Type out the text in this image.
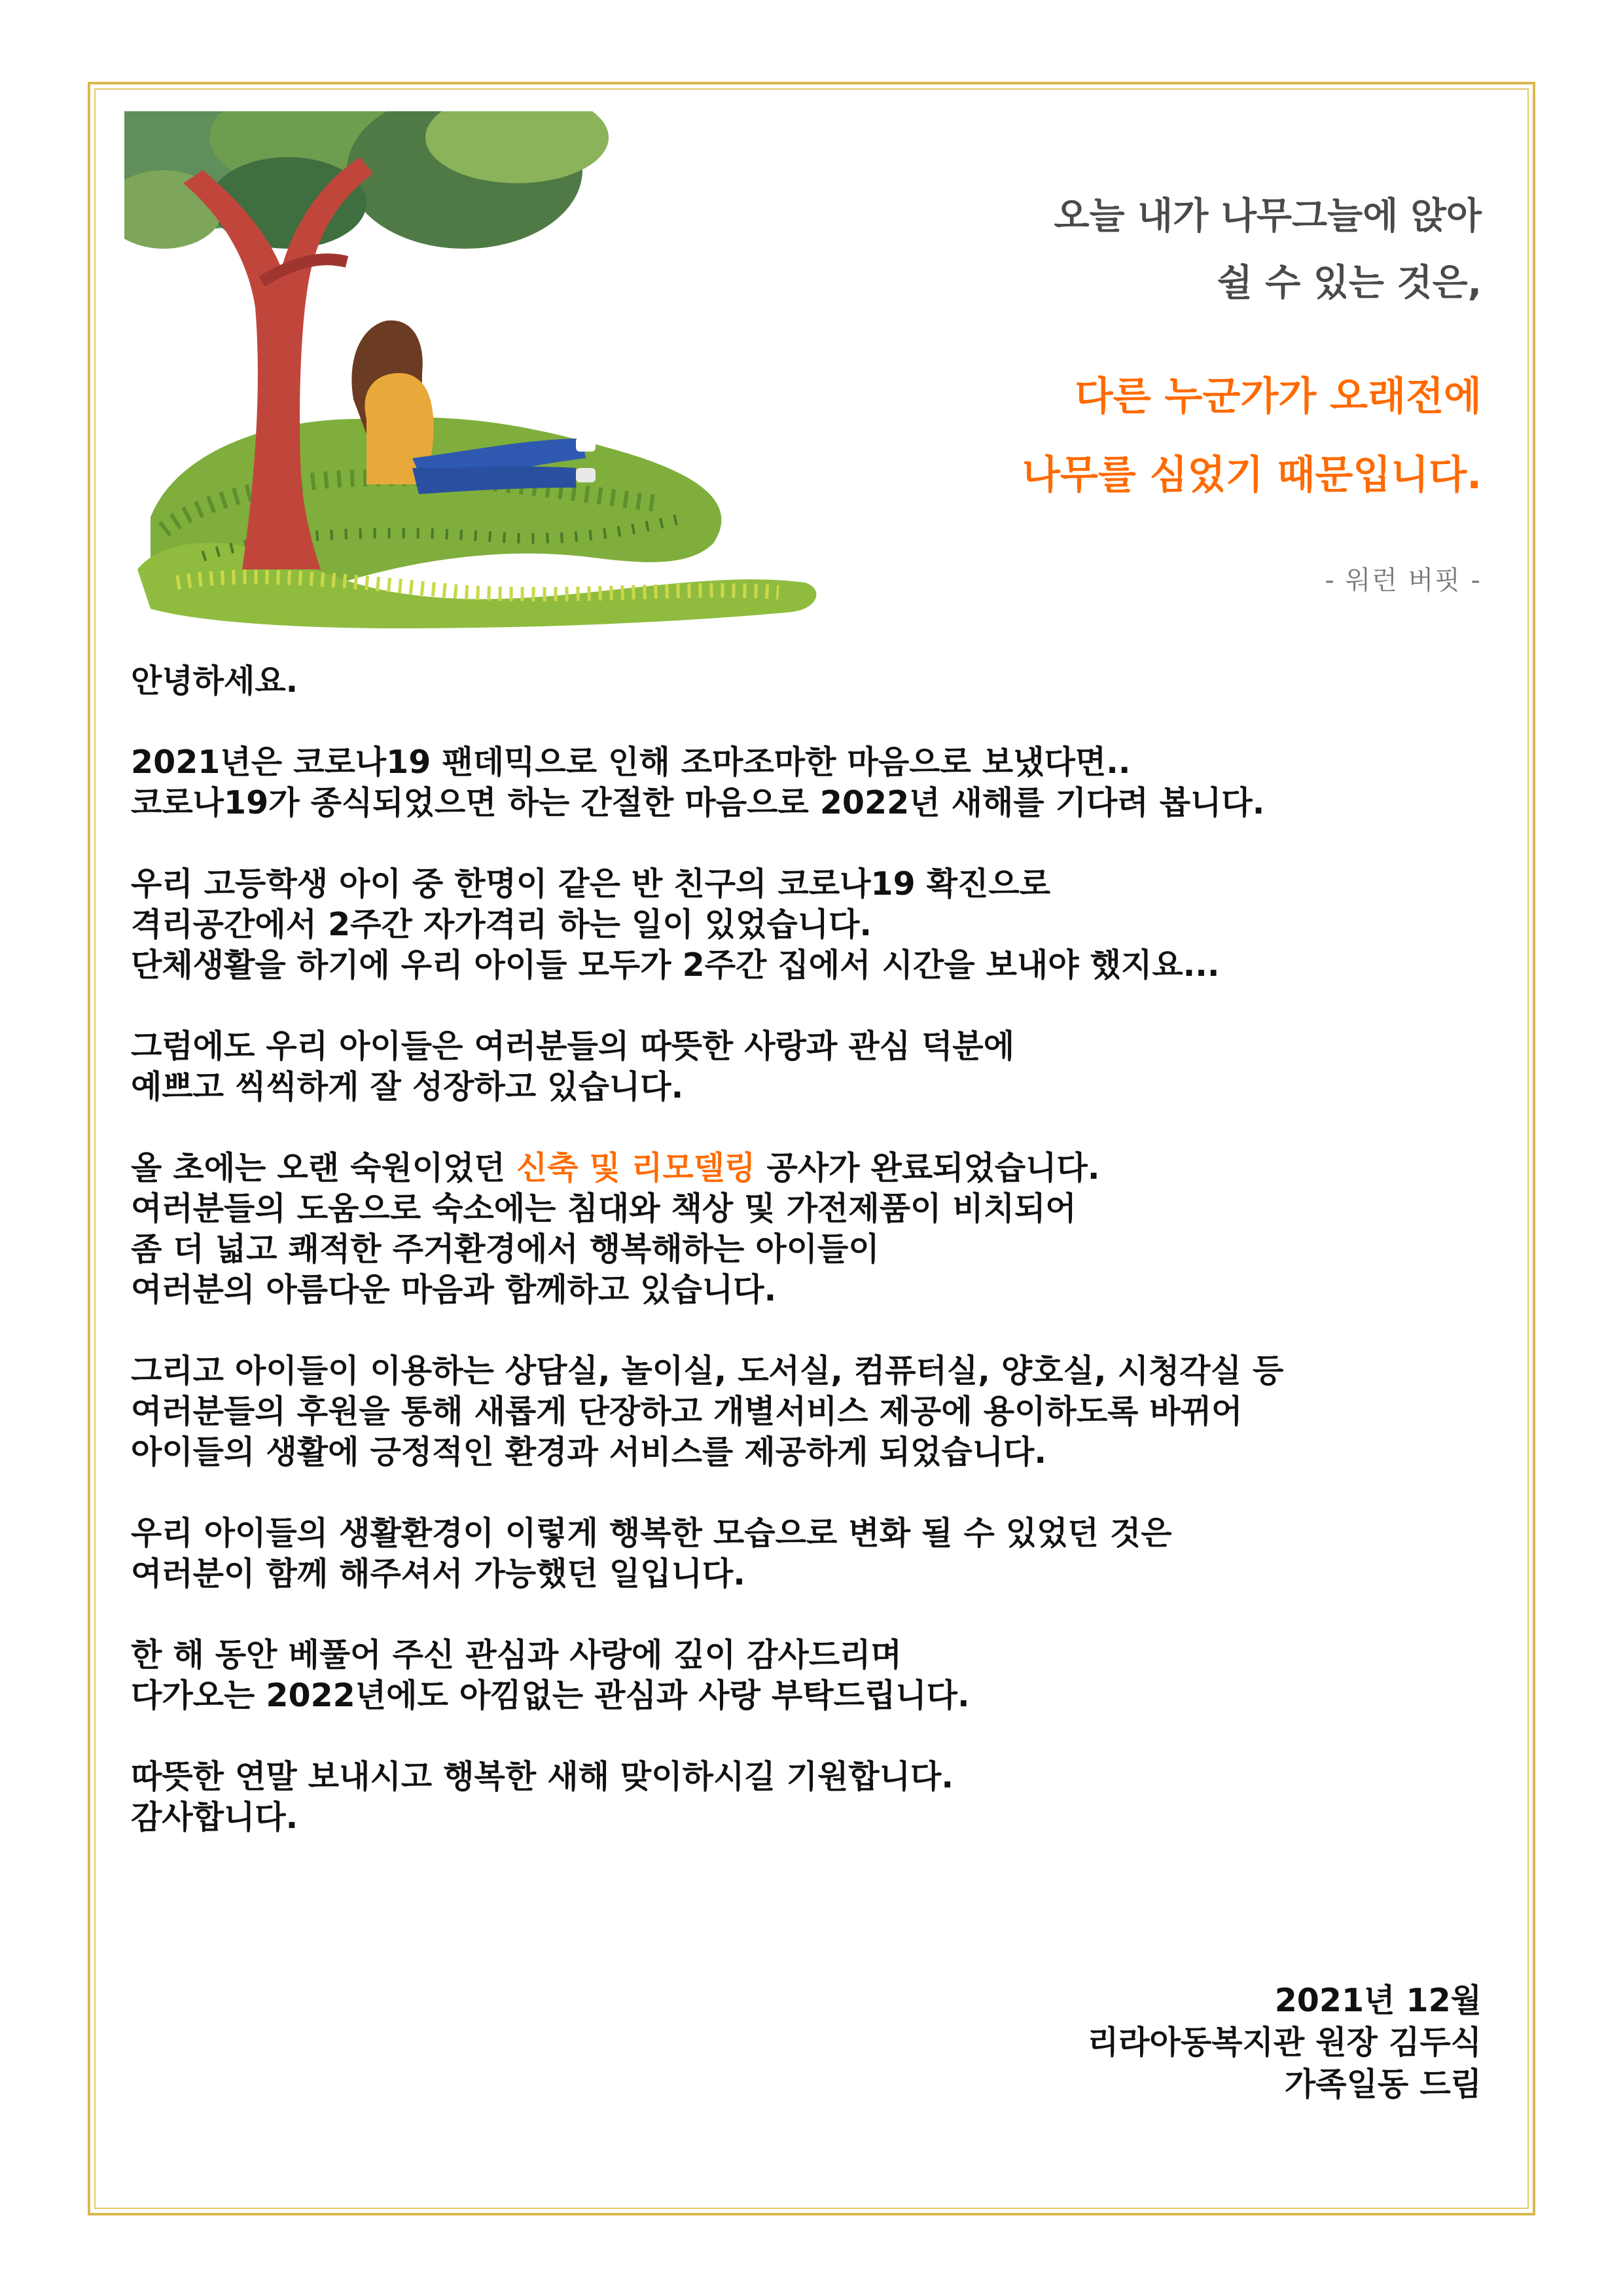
오늘 내가 나무그늘에 앉아
쉴 수 있는 것은,
다른 누군가가 오래전에
나무를 심었기 때문입니다.
- 워런 버핏 -

안녕하세요.

2021년은 코로나19 팬데믹으로 인해 조마조마한 마음으로 보냈다면..
코로나19가 종식되었으면 하는 간절한 마음으로 2022년 새해를 기다려 봅니다.

우리 고등학생 아이 중 한명이 같은 반 친구의 코로나19 확진으로
격리공간에서 2주간 자가격리 하는 일이 있었습니다.
단체생활을 하기에 우리 아이들 모두가 2주간 집에서 시간을 보내야 했지요...

그럼에도 우리 아이들은 여러분들의 따뜻한 사랑과 관심 덕분에
예쁘고 씩씩하게 잘 성장하고 있습니다.

올 초에는 오랜 숙원이었던 신축 및 리모델링 공사가 완료되었습니다.
여러분들의 도움으로 숙소에는 침대와 책상 및 가전제품이 비치되어
좀 더 넓고 쾌적한 주거환경에서 행복해하는 아이들이
여러분의 아름다운 마음과 함께하고 있습니다.

그리고 아이들이 이용하는 상담실, 놀이실, 도서실, 컴퓨터실, 양호실, 시청각실 등
여러분들의 후원을 통해 새롭게 단장하고 개별서비스 제공에 용이하도록 바뀌어
아이들의 생활에 긍정적인 환경과 서비스를 제공하게 되었습니다.

우리 아이들의 생활환경이 이렇게 행복한 모습으로 변화 될 수 있었던 것은
여러분이 함께 해주셔서 가능했던 일입니다.

한 해 동안 베풀어 주신 관심과 사랑에 깊이 감사드리며
다가오는 2022년에도 아낌없는 관심과 사랑 부탁드립니다.

따뜻한 연말 보내시고 행복한 새해 맞이하시길 기원합니다.
감사합니다.

2021년 12월
리라아동복지관 원장 김두식
가족일동 드림
